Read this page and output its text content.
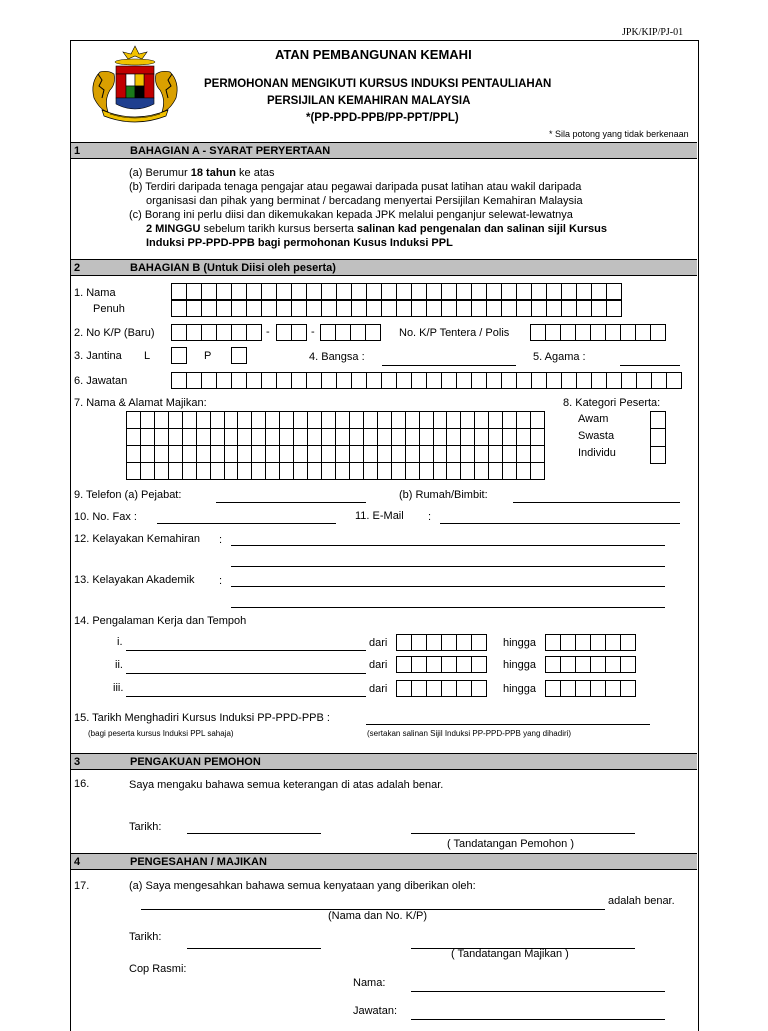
JPK/KIP/PJ-01
ATAN PEMBANGUNAN KEMAHI
PERMOHONAN MENGIKUTI KURSUS INDUKSI PENTAULIAHAN
PERSIJILAN KEMAHIRAN MALAYSIA
*(PP-PPD-PPB/PP-PPT/PPL)
* Sila potong yang tidak berkenaan
1	BAHAGIAN A - SYARAT PERYERTAAN
(a) Berumur 18 tahun ke atas
(b) Terdiri daripada tenaga pengajar atau pegawai daripada pusat latihan atau wakil daripada
organisasi dan pihak yang berminat / bercadang menyertai Persijilan Kemahiran Malaysia
(c) Borang ini perlu diisi dan dikemukakan kepada JPK melalui penganjur selewat-lewatnya
2 MINGGU sebelum tarikh kursus berserta salinan kad pengenalan dan salinan sijil Kursus
Induksi PP-PPD-PPB bagi permohonan Kusus Induksi PPL
2	BAHAGIAN B (Untuk Diisi oleh peserta)
1. Nama
Penuh
2. No K/P (Baru)	-	-	No. K/P Tentera / Polis
3. Jantina L	P	4. Bangsa :	5. Agama :
6. Jawatan
7. Nama & Alamat Majikan:	8. Kategori Peserta:
Awam
Swasta
Individu
9. Telefon (a) Pejabat:	(b) Rumah/Bimbit:
10. No. Fax :	11. E-Mail :
12. Kelayakan Kemahiran :
13. Kelayakan Akademik :
14. Pengalaman Kerja dan Tempoh
i.	dari	hingga
ii.	dari	hingga
iii.	dari	hingga
15. Tarikh Menghadiri Kursus Induksi PP-PPD-PPB :
(bagi peserta kursus Induksi PPL sahaja)	(sertakan salinan Sijil Induksi PP-PPD-PPB yang dihadiri)
3	PENGAKUAN PEMOHON
16.	Saya mengaku bahawa semua keterangan di atas adalah benar.
Tarikh:
( Tandatangan Pemohon )
4	PENGESAHAN / MAJIKAN
17.	(a) Saya mengesahkan bahawa semua kenyataan yang diberikan oleh:
adalah benar.
(Nama dan No. K/P)
Tarikh:
( Tandatangan Majikan )
Cop Rasmi:
Nama:
Jawatan:
